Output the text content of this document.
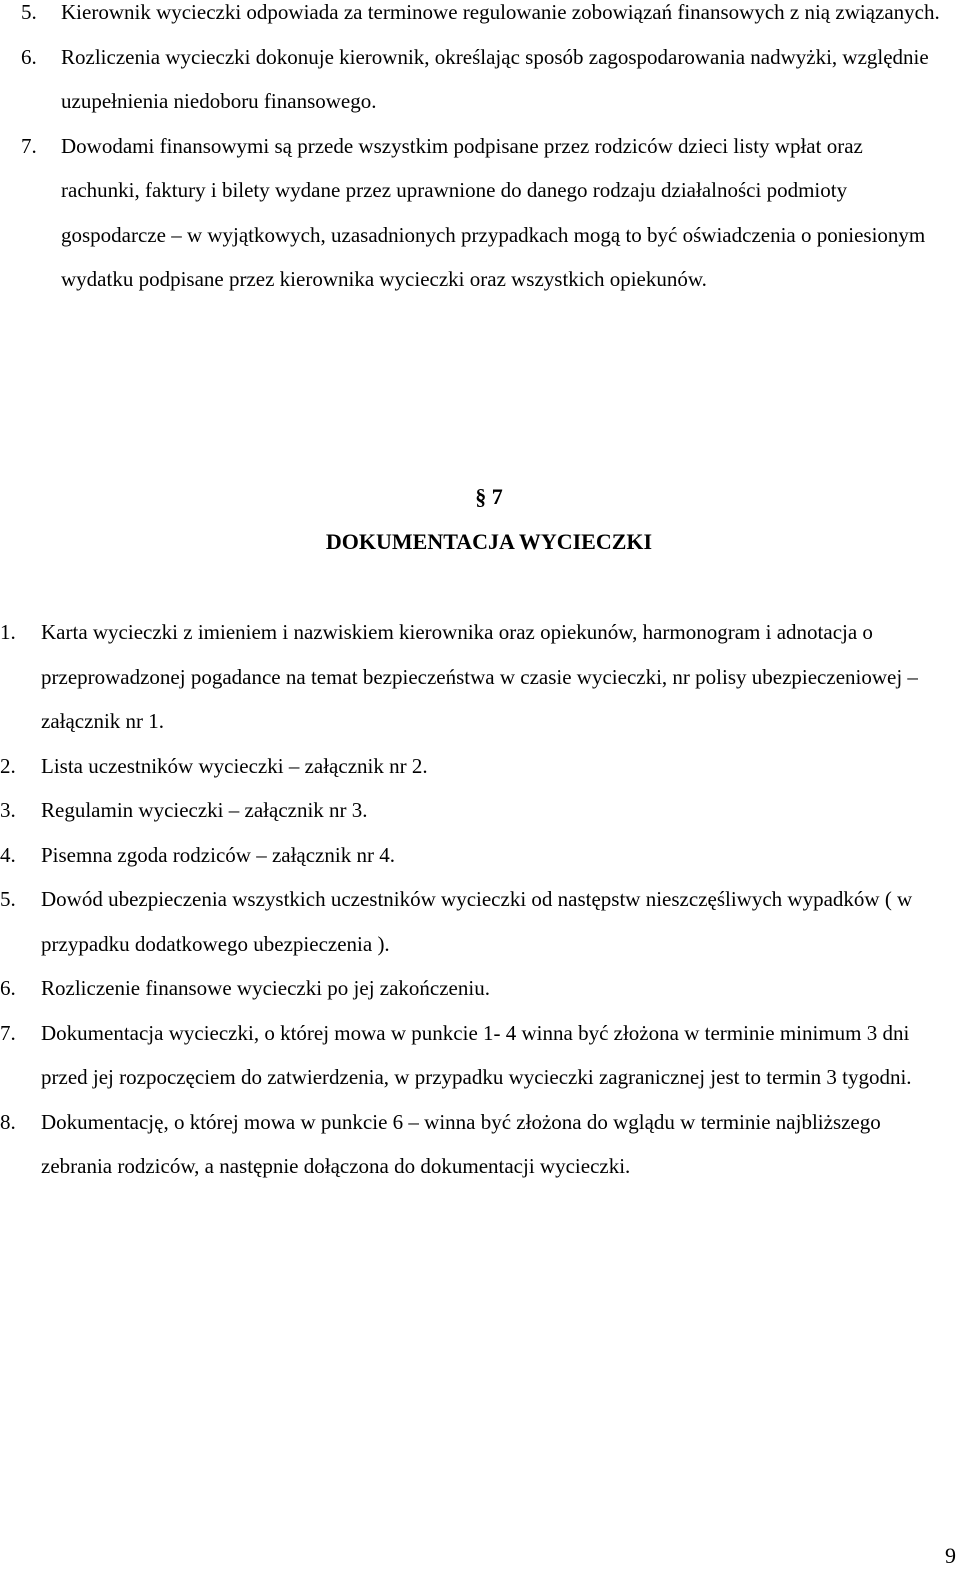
5.	Kierownik wycieczki odpowiada za terminowe regulowanie zobowiązań finansowych z nią związanych.
6.	Rozliczenia wycieczki dokonuje kierownik, określając sposób zagospodarowania nadwyżki, względnie uzupełnienia niedoboru finansowego.
7.	Dowodami finansowymi są przede wszystkim podpisane przez rodziców dzieci listy wpłat oraz rachunki, faktury i bilety wydane przez uprawnione do danego rodzaju działalności podmioty gospodarcze – w wyjątkowych, uzasadnionych przypadkach mogą to być oświadczenia o poniesionym wydatku podpisane przez kierownika wycieczki oraz wszystkich opiekunów.
§ 7
DOKUMENTACJA WYCIECZKI
1.	Karta wycieczki z imieniem i nazwiskiem kierownika oraz opiekunów, harmonogram i adnotacja o przeprowadzonej pogadance na temat bezpieczeństwa w czasie wycieczki, nr polisy ubezpieczeniowej – załącznik nr 1.
2.	Lista uczestników wycieczki – załącznik nr 2.
3.	Regulamin wycieczki – załącznik nr 3.
4.	Pisemna zgoda rodziców – załącznik nr 4.
5.	Dowód ubezpieczenia wszystkich uczestników wycieczki od następstw nieszczęśliwych wypadków ( w przypadku dodatkowego ubezpieczenia ).
6.	Rozliczenie finansowe wycieczki po jej zakończeniu.
7.	Dokumentacja wycieczki, o której mowa w punkcie 1- 4 winna być złożona w terminie minimum 3 dni przed jej rozpoczęciem do zatwierdzenia, w przypadku wycieczki zagranicznej jest to termin 3 tygodni.
8.	Dokumentację, o której mowa w punkcie 6 – winna być złożona do wglądu w terminie najbliższego zebrania rodziców, a następnie dołączona do dokumentacji wycieczki.
9
